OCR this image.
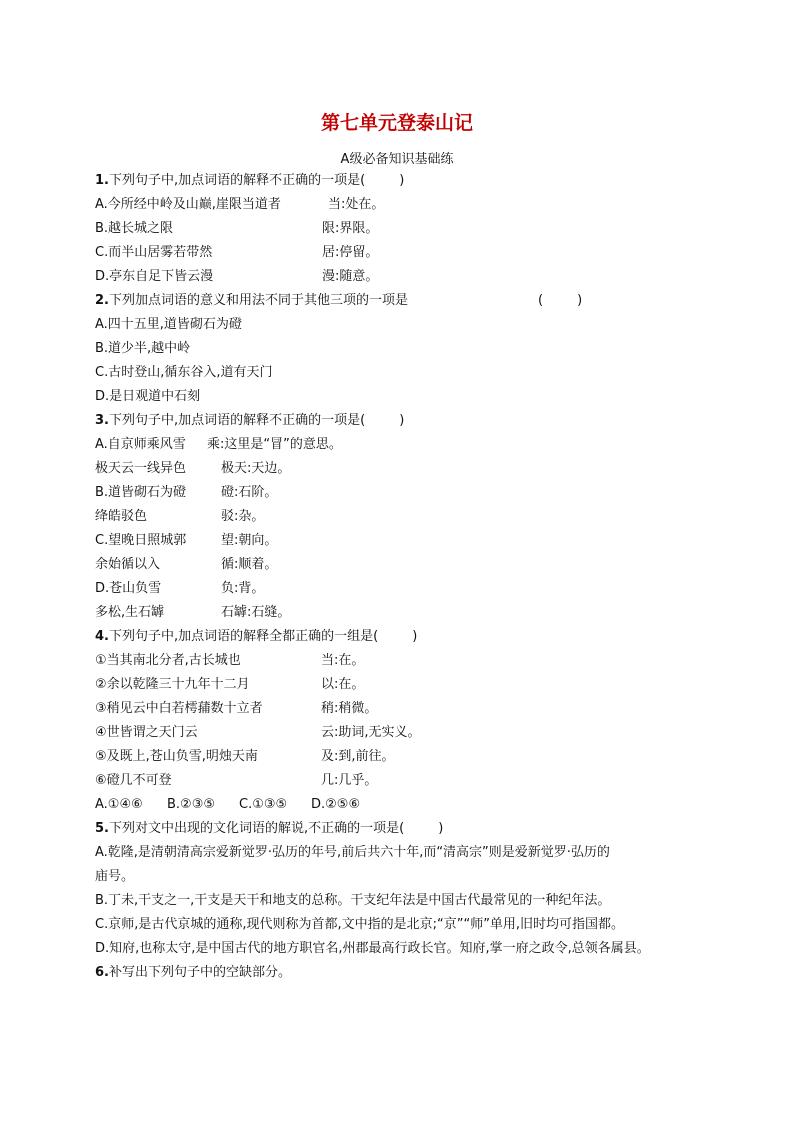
第七单元登泰山记
A级必备知识基础练
1.下列句子中,加点词语的解释不正确的一项是(	)
A.今所经中岭及山巅,崖限当道者	当:处在。
B.越长城之限	限:界限。
C.而半山居雾若带然	居:停留。
D.亭东自足下皆云漫	漫:随意。
2.下列加点词语的意义和用法不同于其他三项的一项是	(	)
A.四十五里,道皆砌石为磴
B.道少半,越中岭
C.古时登山,循东谷入,道有天门
D.是日观道中石刻
3.下列句子中,加点词语的解释不正确的一项是(	)
A.自京师乘风雪 乘:这里是“冒”的意思。
极天云一线异色	极天:天边。
B.道皆砌石为磴	磴:石阶。
绛皓驳色	驳:杂。
C.望晚日照城郭	望:朝向。
余始循以入	循:顺着。
D.苍山负雪	负:背。
多松,生石罅	石罅:石缝。
4.下列句子中,加点词语的解释全都正确的一组是(	)
①当其南北分者,古长城也	当:在。
②余以乾隆三十九年十二月	以:在。
③稍见云中白若樗蒱数十立者	稍:稍微。
④世皆谓之天门云	云:助词,无实义。
⑤及既上,苍山负雪,明烛天南	及:到,前往。
⑥磴几不可登	几:几乎。
A.①④⑥ B.②③⑤ C.①③⑤ D.②⑤⑥
5.下列对文中出现的文化词语的解说,不正确的一项是(	)
A.乾隆,是清朝清高宗爱新觉罗·弘历的年号,前后共六十年,而“清高宗”则是爱新觉罗·弘历的
庙号。
B.丁未,干支之一,干支是天干和地支的总称。干支纪年法是中国古代最常见的一种纪年法。
C.京师,是古代京城的通称,现代则称为首都,文中指的是北京;“京”“师”单用,旧时均可指国都。
D.知府,也称太守,是中国古代的地方职官名,州郡最高行政长官。知府,掌一府之政令,总领各属县。
6.补写出下列句子中的空缺部分。
